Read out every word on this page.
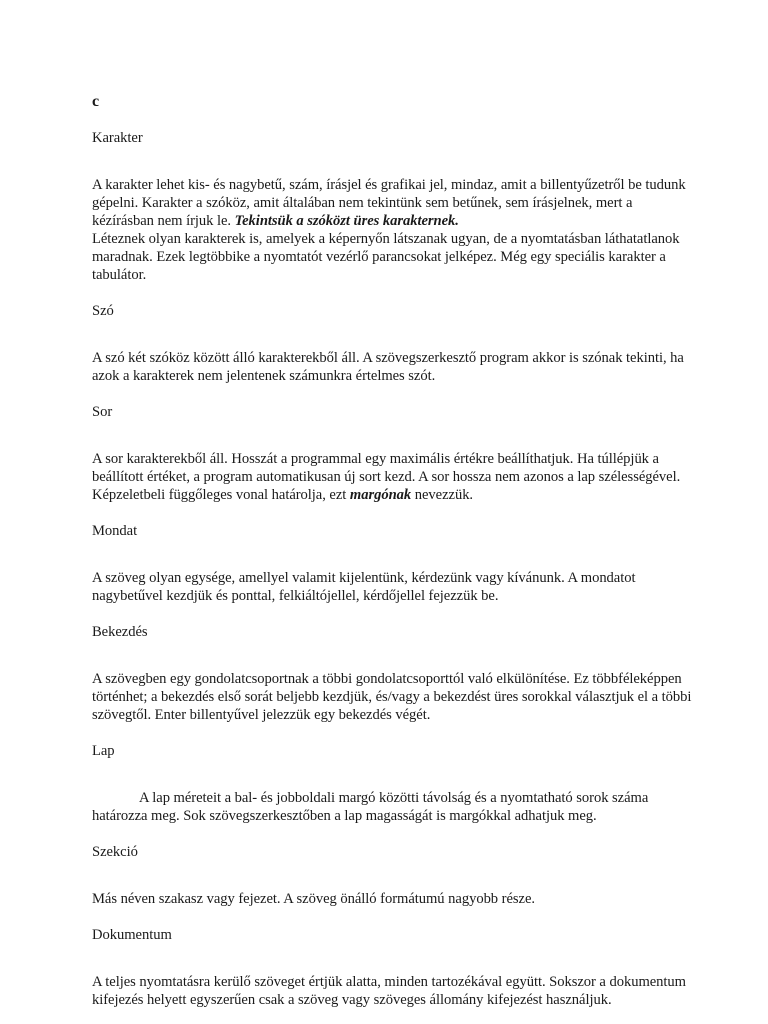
c

Karakter

A karakter lehet kis- és nagybetű, szám, írásjel és grafikai jel, mindaz, amit a billentyűzetről be tudunk gépelni. Karakter a szóköz, amit általában nem tekintünk sem betűnek, sem írásjelnek, mert a kézírásban nem írjuk le. Tekintsük a szóközt üres karakternek.

Léteznek olyan karakterek is, amelyek a képernyőn látszanak ugyan, de a nyomtatásban láthatatlanok maradnak. Ezek legtöbbike a nyomtatót vezérlő parancsokat jelképez. Még egy speciális karakter a tabulátor.

Szó

A szó két szóköz között álló karakterekből áll. A szövegszerkesztő program akkor is szónak tekinti, ha azok a karakterek nem jelentenek számunkra értelmes szót.

Sor

A sor karakterekből áll. Hosszát a programmal egy maximális értékre beállíthatjuk. Ha túllépjük a beállított értéket, a program automatikusan új sort kezd. A sor hossza nem azonos a lap szélességével. Képzeletbeli függőleges vonal határolja, ezt margónak nevezzük.

Mondat

A szöveg olyan egysége, amellyel valamit kijelentünk, kérdezünk vagy kívánunk. A mondatot nagybetűvel kezdjük és ponttal, felkiáltójellel, kérdőjellel fejezzük be.

Bekezdés

A szövegben egy gondolatcsoportnak a többi gondolatcsoporttól való elkülönítése. Ez többféleképpen történhet; a bekezdés első sorát beljebb kezdjük, és/vagy a bekezdést üres sorokkal választjuk el a többi szövegtől. Enter billentyűvel jelezzük egy bekezdés végét.

Lap

A lap méreteit a bal- és jobboldali margó közötti távolság és a nyomtatható sorok száma határozza meg. Sok szövegszerkesztőben a lap magasságát is margókkal adhatjuk meg.

Szekció

Más néven szakasz vagy fejezet. A szöveg önálló formátumú nagyobb része.

Dokumentum

A teljes nyomtatásra kerülő szöveget értjük alatta, minden tartozékával együtt. Sokszor a dokumentum kifejezés helyett egyszerűen csak a szöveg vagy szöveges állomány kifejezést használjuk.
